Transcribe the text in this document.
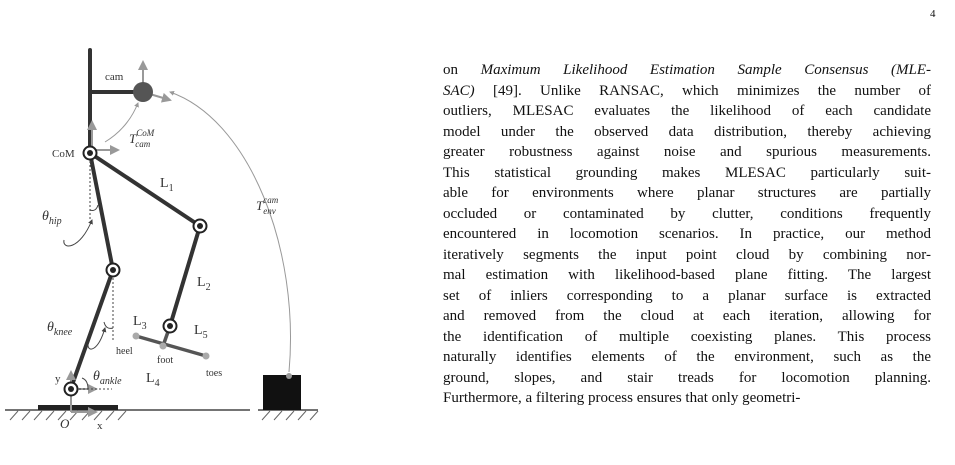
4
cam
CoM
$T^{CoM}$ cam
$T^{cam}$ env
$L_1$
$L_2$
$L_3$	$L_5$
$L_4$
heel
foot
toes
$\theta_{hip}$
$\theta_{knee}$
$\theta_{ankle}$
y
x
O
on Maximum Likelihood Estimation Sample Consensus (MLE-
SAC) [49]. Unlike RANSAC, which minimizes the number of
outliers, MLESAC evaluates the likelihood of each candidate
model under the observed data distribution, thereby achieving
greater robustness against noise and spurious measurements.
This statistical grounding makes MLESAC particularly suit-
able for environments where planar structures are partially
occluded or contaminated by clutter, conditions frequently
encountered in locomotion scenarios. In practice, our method
iteratively segments the input point cloud by combining nor-
mal estimation with likelihood-based plane fitting. The largest
set of inliers corresponding to a planar surface is extracted
and removed from the cloud at each iteration, allowing for
the identification of multiple coexisting planes. This process
naturally identifies elements of the environment, such as the
ground, slopes, and stair treads for locomotion planning.
Furthermore, a filtering process ensures that only geometri-
